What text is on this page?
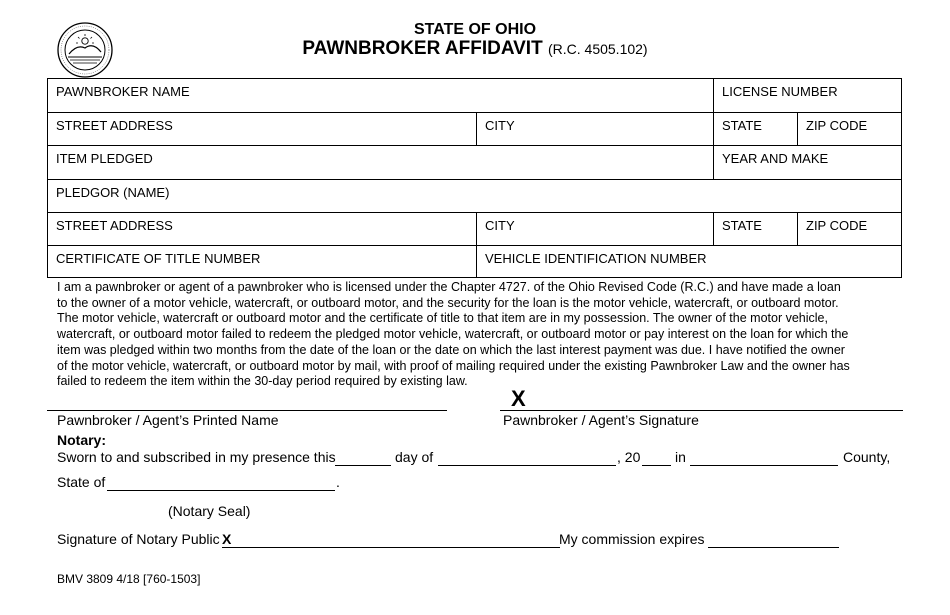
STATE OF OHIO
PAWNBROKER AFFIDAVIT (R.C. 4505.102)
PAWNBROKER NAME	LICENSE NUMBER
STREET ADDRESS	CITY	STATE	ZIP CODE
ITEM PLEDGED	YEAR AND MAKE
PLEDGOR (NAME)
STREET ADDRESS	CITY	STATE	ZIP CODE
CERTIFICATE OF TITLE NUMBER	VEHICLE IDENTIFICATION NUMBER
I am a pawnbroker or agent of a pawnbroker who is licensed under the Chapter 4727. of the Ohio Revised Code (R.C.) and have made a loan
to the owner of a motor vehicle, watercraft, or outboard motor, and the security for the loan is the motor vehicle, watercraft, or outboard motor.
The motor vehicle, watercraft or outboard motor and the certificate of title to that item are in my possession. The owner of the motor vehicle,
watercraft, or outboard motor failed to redeem the pledged motor vehicle, watercraft, or outboard motor or pay interest on the loan for which the
item was pledged within two months from the date of the loan or the date on which the last interest payment was due. I have notified the owner
of the motor vehicle, watercraft, or outboard motor by mail, with proof of mailing required under the existing Pawnbroker Law and the owner has
failed to redeem the item within the 30-day period required by existing law.
X
Pawnbroker / Agent’s Printed Name	Pawnbroker / Agent’s Signature
Notary:
Sworn to and subscribed in my presence this	day of	, 20 in	County,
State of	.
(Notary Seal)
Signature of Notary Public X	My commission expires
BMV 3809 4/18 [760-1503]
